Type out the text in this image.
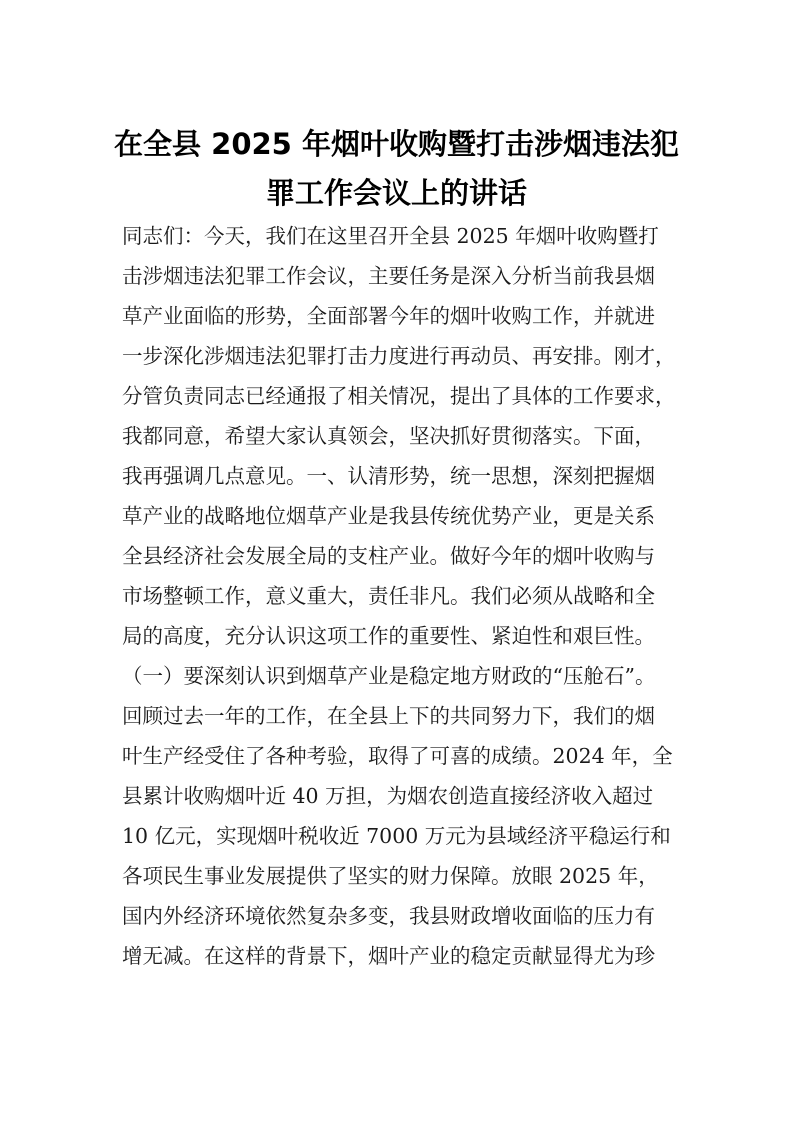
在全县 2025 年烟叶收购暨打击涉烟违法犯
罪工作会议上的讲话

同志们：今天，我们在这里召开全县 2025 年烟叶收购暨打

击涉烟违法犯罪工作会议，主要任务是深入分析当前我县烟

草产业面临的形势，全面部署今年的烟叶收购工作，并就进

一步深化涉烟违法犯罪打击力度进行再动员、再安排。刚才，

分管负责同志已经通报了相关情况，提出了具体的工作要求，

我都同意，希望大家认真领会，坚决抓好贯彻落实。下面，

我再强调几点意见。一、认清形势，统一思想，深刻把握烟

草产业的战略地位烟草产业是我县传统优势产业，更是关系

全县经济社会发展全局的支柱产业。做好今年的烟叶收购与

市场整顿工作，意义重大，责任非凡。我们必须从战略和全

局的高度，充分认识这项工作的重要性、紧迫性和艰巨性。

（一）要深刻认识到烟草产业是稳定地方财政的“压舱石”。

回顾过去一年的工作，在全县上下的共同努力下，我们的烟

叶生产经受住了各种考验，取得了可喜的成绩。2024 年，全

县累计收购烟叶近 40 万担，为烟农创造直接经济收入超过

10 亿元，实现烟叶税收近 7000 万元为县域经济平稳运行和

各项民生事业发展提供了坚实的财力保障。放眼 2025 年，

国内外经济环境依然复杂多变，我县财政增收面临的压力有

增无减。在这样的背景下，烟叶产业的稳定贡献显得尤为珍
